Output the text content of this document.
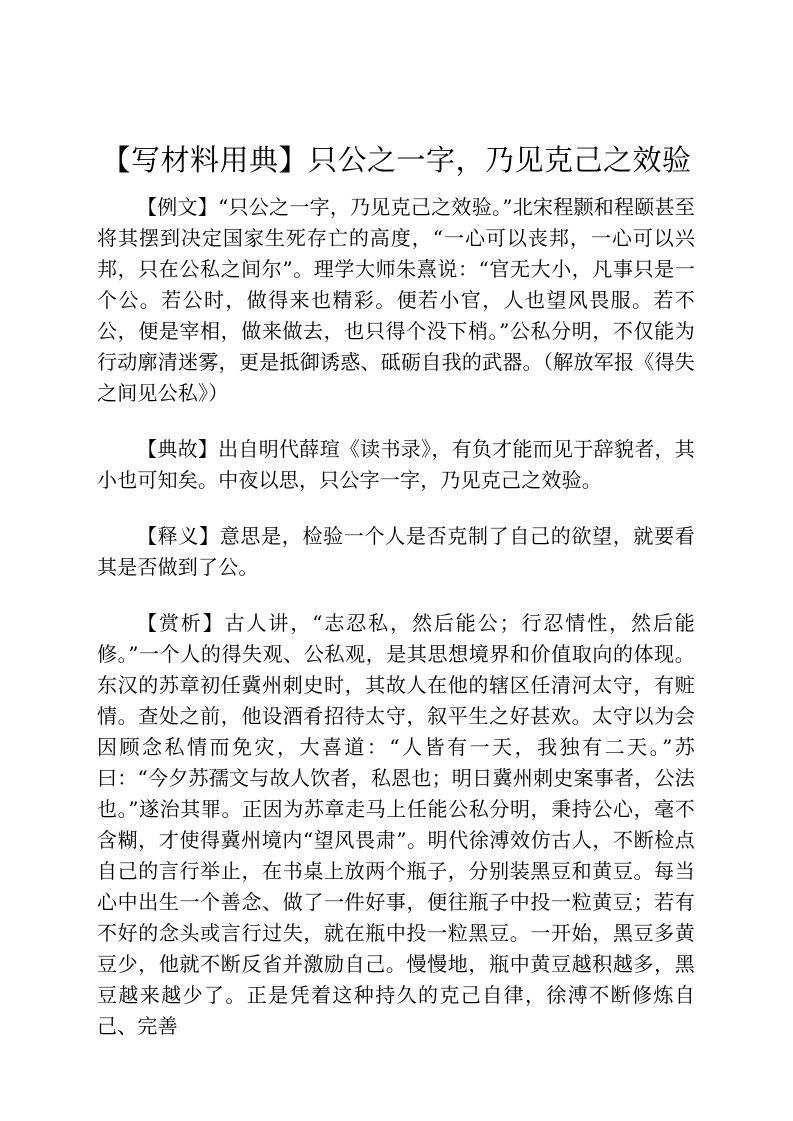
【写材料用典】只公之一字，乃见克己之效验

【例文】“只公之一字，乃见克己之效验。”北宋程颢和程颐甚至将其摆到决定国家生死存亡的高度，“一心可以丧邦，一心可以兴邦，只在公私之间尔”。理学大师朱熹说：“官无大小，凡事只是一个公。若公时，做得来也精彩。便若小官，人也望风畏服。若不公，便是宰相，做来做去，也只得个没下梢。”公私分明，不仅能为行动廓清迷雾，更是抵御诱惑、砥砺自我的武器。（解放军报《得失之间见公私》）

【典故】出自明代薛瑄《读书录》，有负才能而见于辞貌者，其小也可知矣。中夜以思，只公字一字，乃见克己之效验。

【释义】意思是，检验一个人是否克制了自己的欲望，就要看其是否做到了公。

【赏析】古人讲，“志忍私，然后能公；行忍情性，然后能修。”一个人的得失观、公私观，是其思想境界和价值取向的体现。东汉的苏章初任冀州刺史时，其故人在他的辖区任清河太守，有赃情。查处之前，他设酒肴招待太守，叙平生之好甚欢。太守以为会因顾念私情而免灾，大喜道：“人皆有一天，我独有二天。”苏曰：“今夕苏孺文与故人饮者，私恩也；明日冀州刺史案事者，公法也。”遂治其罪。正因为苏章走马上任能公私分明，秉持公心，毫不含糊，才使得冀州境内“望风畏肃”。明代徐溥效仿古人，不断检点自己的言行举止，在书桌上放两个瓶子，分别装黑豆和黄豆。每当心中出生一个善念、做了一件好事，便往瓶子中投一粒黄豆；若有不好的念头或言行过失，就在瓶中投一粒黑豆。一开始，黑豆多黄豆少，他就不断反省并激励自己。慢慢地，瓶中黄豆越积越多，黑豆越来越少了。正是凭着这种持久的克己自律，徐溥不断修炼自己、完善
